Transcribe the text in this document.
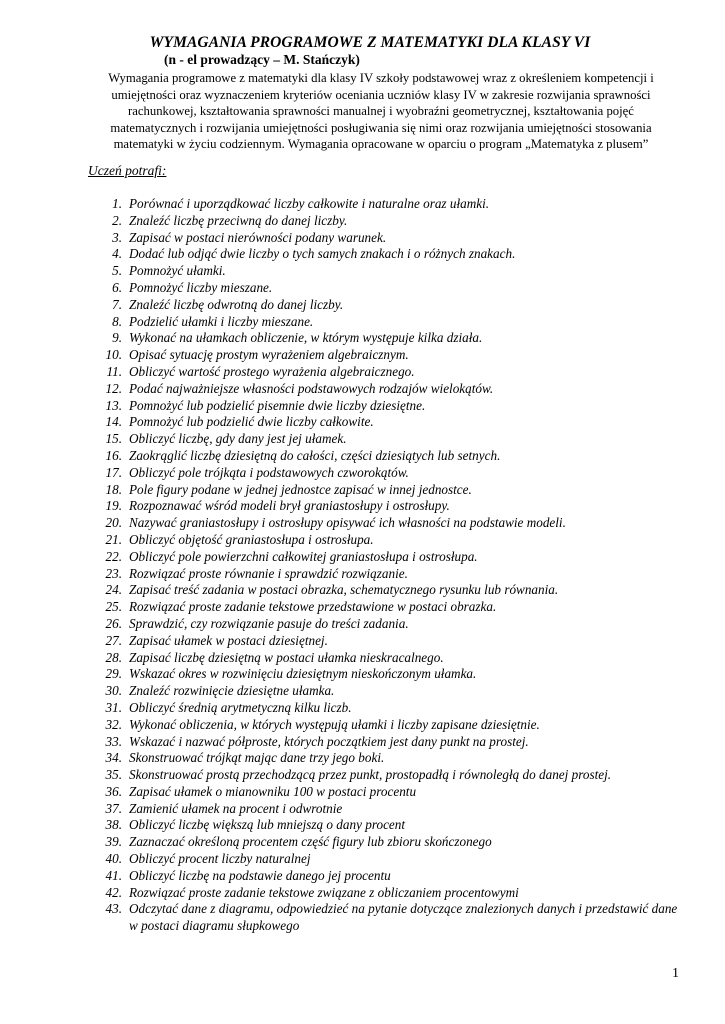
WYMAGANIA PROGRAMOWE Z MATEMATYKI DLA KLASY VI
(n - el prowadzący – M. Stańczyk)
Wymagania programowe z matematyki dla klasy IV szkoły podstawowej wraz z określeniem kompetencji i
umiejętności oraz wyznaczeniem kryteriów oceniania uczniów klasy IV w zakresie rozwijania sprawności
rachunkowej, kształtowania sprawności manualnej i wyobraźni geometrycznej, kształtowania pojęć
matematycznych i rozwijania umiejętności posługiwania się nimi oraz rozwijania umiejętności stosowania
matematyki w życiu codziennym. Wymagania opracowane w oparciu o program „Matematyka z plusem”
Uczeń potrafi:
1. Porównać i uporządkować liczby całkowite i naturalne oraz ułamki.
2. Znaleźć liczbę przeciwną do danej liczby.
3. Zapisać w postaci nierówności podany warunek.
4. Dodać lub odjąć dwie liczby o tych samych znakach i o różnych znakach.
5. Pomnożyć ułamki.
6. Pomnożyć liczby mieszane.
7. Znaleźć liczbę odwrotną do danej liczby.
8. Podzielić ułamki i liczby mieszane.
9. Wykonać na ułamkach obliczenie, w którym występuje kilka działa.
10. Opisać sytuację prostym wyrażeniem algebraicznym.
11. Obliczyć wartość prostego wyrażenia algebraicznego.
12. Podać najważniejsze własności podstawowych rodzajów wielokątów.
13. Pomnożyć lub podzielić pisemnie dwie liczby dziesiętne.
14. Pomnożyć lub podzielić dwie liczby całkowite.
15. Obliczyć liczbę, gdy dany jest jej ułamek.
16. Zaokrąglić liczbę dziesiętną do całości, części dziesiątych lub setnych.
17. Obliczyć pole trójkąta i podstawowych czworokątów.
18. Pole figury podane w jednej jednostce zapisać w innej jednostce.
19. Rozpoznawać wśród modeli brył graniastosłupy i ostrosłupy.
20. Nazywać graniastosłupy i ostrosłupy opisywać ich własności na podstawie modeli.
21. Obliczyć objętość graniastosłupa i ostrosłupa.
22. Obliczyć pole powierzchni całkowitej graniastosłupa i ostrosłupa.
23. Rozwiązać proste równanie i sprawdzić rozwiązanie.
24. Zapisać treść zadania w postaci obrazka, schematycznego rysunku lub równania.
25. Rozwiązać proste zadanie tekstowe przedstawione w postaci obrazka.
26. Sprawdzić, czy rozwiązanie pasuje do treści zadania.
27. Zapisać ułamek w postaci dziesiętnej.
28. Zapisać liczbę dziesiętną w postaci ułamka nieskracalnego.
29. Wskazać okres w rozwinięciu dziesiętnym nieskończonym ułamka.
30. Znaleźć rozwinięcie dziesiętne ułamka.
31. Obliczyć średnią arytmetyczną kilku liczb.
32. Wykonać obliczenia, w których występują ułamki i liczby zapisane dziesiętnie.
33. Wskazać i nazwać półproste, których początkiem jest dany punkt na prostej.
34. Skonstruować trójkąt mając dane trzy jego boki.
35. Skonstruować prostą przechodzącą przez punkt, prostopadłą i równoległą do danej prostej.
36. Zapisać ułamek o mianowniku 100 w postaci procentu
37. Zamienić ułamek na procent i odwrotnie
38. Obliczyć liczbę większą lub mniejszą o dany procent
39. Zaznaczać określoną procentem część figury lub zbioru skończonego
40. Obliczyć procent liczby naturalnej
41. Obliczyć liczbę na podstawie danego jej procentu
42. Rozwiązać proste zadanie tekstowe związane z obliczaniem procentowymi
43. Odczytać dane z diagramu, odpowiedzieć na pytanie dotyczące znalezionych danych i przedstawić dane w postaci diagramu słupkowego
1
